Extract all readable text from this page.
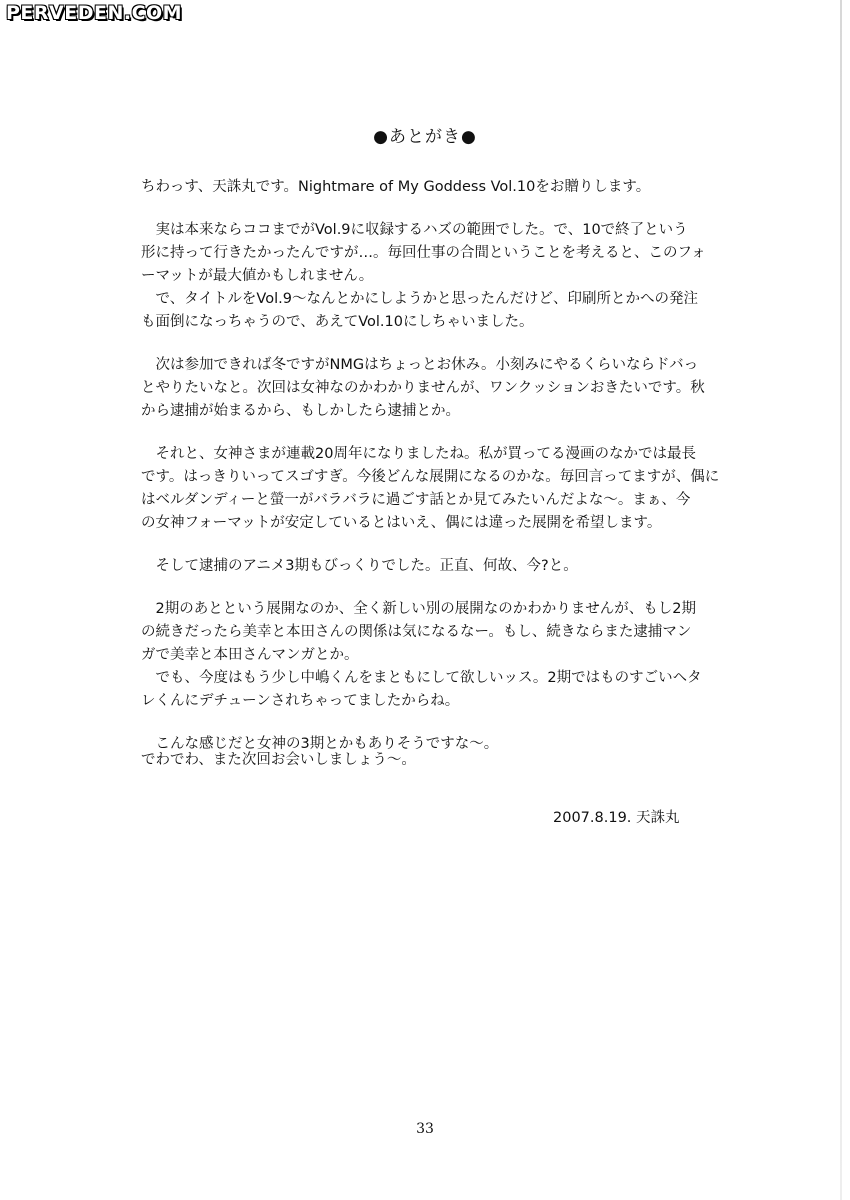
PERVEDEN.COM
●あとがき●
ちわっす、天誅丸です。Nightmare of My Goddess Vol.10をお贈りします。
実は本来ならココまでがVol.9に収録するハズの範囲でした。で、10で終了という
形に持って行きたかったんですが…。毎回仕事の合間ということを考えると、このフォ
ーマットが最大値かもしれません。
で、タイトルをVol.9～なんとかにしようかと思ったんだけど、印刷所とかへの発注
も面倒になっちゃうので、あえてVol.10にしちゃいました。
次は参加できれば冬ですがNMGはちょっとお休み。小刻みにやるくらいならドバっ
とやりたいなと。次回は女神なのかわかりませんが、ワンクッションおきたいです。秋
から逮捕が始まるから、もしかしたら逮捕とか。
それと、女神さまが連載20周年になりましたね。私が買ってる漫画のなかでは最長
です。はっきりいってスゴすぎ。今後どんな展開になるのかな。毎回言ってますが、偶に
はベルダンディーと螢一がバラバラに過ごす話とか見てみたいんだよな～。まぁ、今
の女神フォーマットが安定しているとはいえ、偶には違った展開を希望します。
そして逮捕のアニメ3期もびっくりでした。正直、何故、今?と。
2期のあとという展開なのか、全く新しい別の展開なのかわかりませんが、もし2期
の続きだったら美幸と本田さんの関係は気になるなー。もし、続きならまた逮捕マン
ガで美幸と本田さんマンガとか。
でも、今度はもう少し中嶋くんをまともにして欲しいッス。2期ではものすごいヘタ
レくんにデチューンされちゃってましたからね。
こんな感じだと女神の3期とかもありそうですな～。
でわでわ、また次回お会いしましょう～。
2007.8.19. 天誅丸
33
